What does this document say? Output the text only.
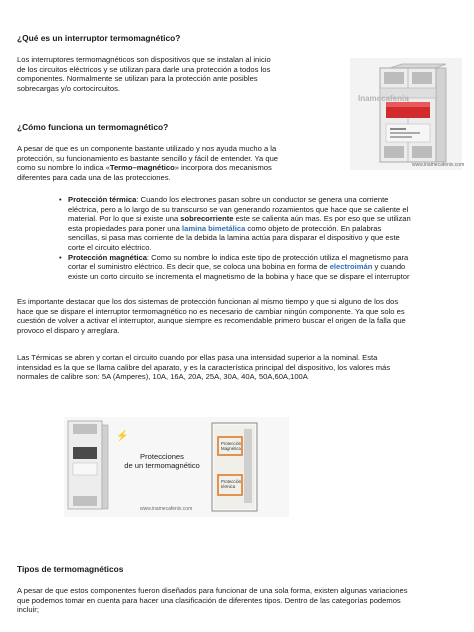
¿Qué es un interruptor termomagnético?
Los interruptores termomagnéticos son dispositivos que se instalan al inicio
de los circuitos eléctricos y se utilizan para darle una protección a todos los
componentes. Normalmente se utilizan para la protección ante posibles
sobrecargas y/o cortocircuitos.
Inamecafenix
www.inamecafenix.com
¿Cómo funciona un termomagnético?
A pesar de que es un componente bastante utilizado y nos ayuda mucho a la
protección, su funcionamiento es bastante sencillo y fácil de entender. Ya que
como su nombre lo indica «Termo–magnético» incorpora dos mecanismos
diferentes para cada una de las protecciones.
• Protección térmica: Cuando los electrones pasan sobre un conductor se genera una corriente
eléctrica, pero a lo largo de su transcurso se van generando rozamientos que hace que se caliente el
material. Por lo que si existe una sobrecorriente este se calienta aún mas. Es por eso que se utilizan
esta propiedades para poner una lamina bimetálica como objeto de protección. En palabras
sencillas, si pasa mas corriente de la debida la lamina actúa para disparar el dispositivo y que este
corte el circuito eléctrico.
• Protección magnética: Como su nombre lo indica este tipo de protección utiliza el magnetismo para
cortar el suministro eléctrico. Es decir que, se coloca una bobina en forma de electroimán y cuando
existe un corto circuito se incrementa el magnetismo de la bobina y hace que se dispare el interruptor
Es importante destacar que los dos sistemas de protección funcionan al mismo tiempo y que si alguno de los dos
hace que se dispare el interruptor termomagnético no es necesario de cambiar ningún componente. Ya que solo es
cuestión de volver a activar el interruptor, aunque siempre es recomendable primero buscar el origen de la falla que
provoco el disparo y arreglara.
Las Térmicas se abren y cortan el circuito cuando por ellas pasa una intensidad superior a la nominal. Esta
intensidad es la que se llama calibre del aparato, y es la característica principal del dispositivo, los valores más
normales de calibre son: 5A (Amperes), 10A, 16A, 20A, 25A, 30A, 40A, 50A,60A,100A
⚡
Protecciones
de un termomagnético
Protección
Magnética
Protección
térmica
www.inamecafenix.com
Tipos de termomagnéticos
A pesar de que estos componentes fueron diseñados para funcionar de una sola forma, existen algunas variaciones
que podemos tomar en cuenta para hacer una clasificación de diferentes tipos. Dentro de las categorías podemos
incluir;
